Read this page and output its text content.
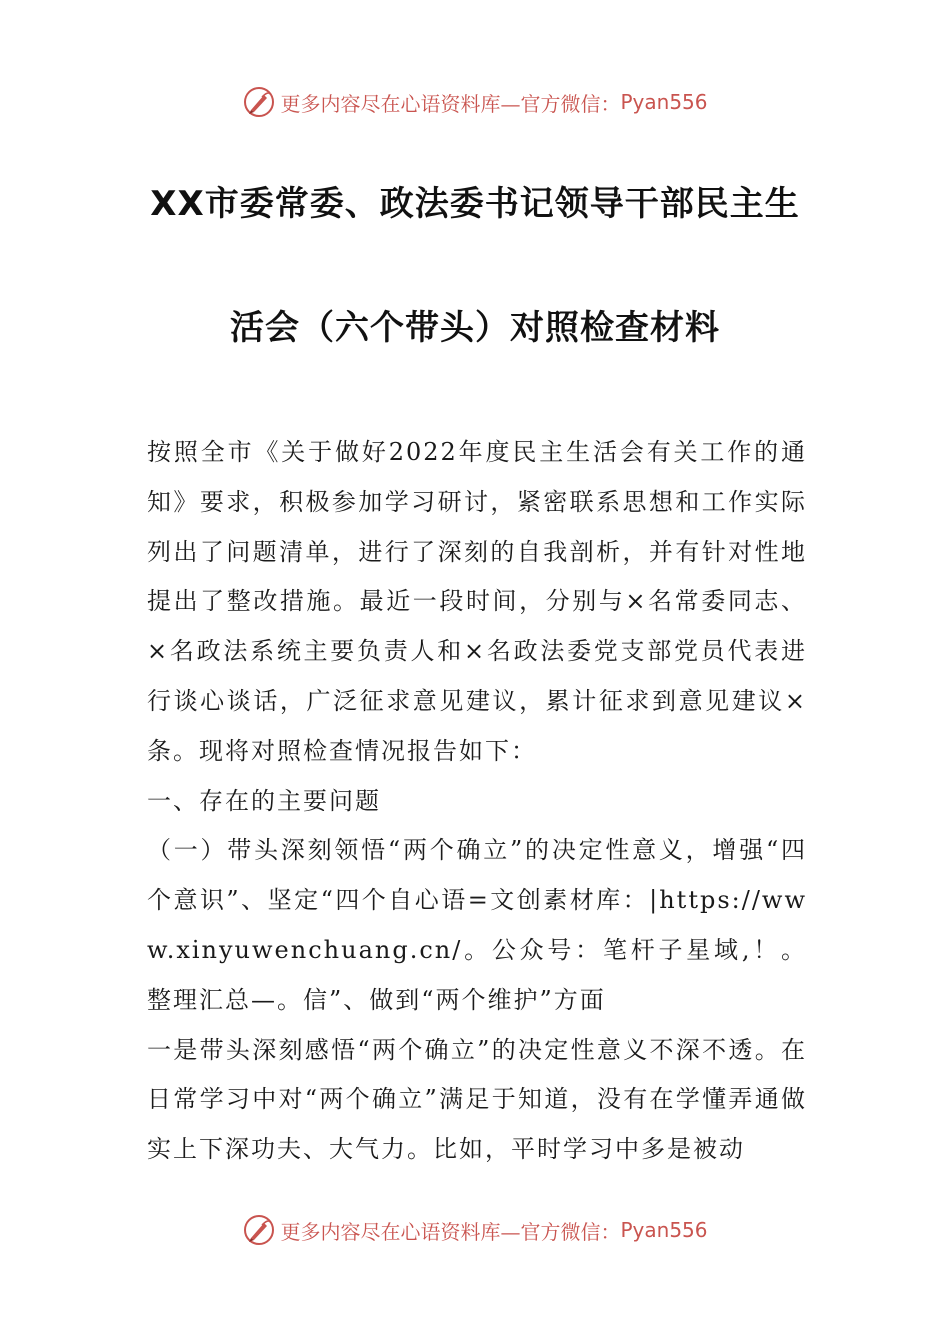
更多内容尽在心语资料库—官方微信： Pyan556
XX市委常委、政法委书记领导干部民主生
活会（六个带头）对照检查材料

按照全市《关于做好2022年度民主生活会有关工作的通知》要求，积极参加学习研讨，紧密联系思想和工作实际列出了问题清单，进行了深刻的自我剖析，并有针对性地提出了整改措施。最近一段时间，分别与×名常委同志、×名政法系统主要负责人和×名政法委党支部党员代表进行谈心谈话，广泛征求意见建议，累计征求到意见建议×条。现将对照检查情况报告如下：

一、存在的主要问题

（一）带头深刻领悟“两个确立”的决定性意义，增强“四个意识”、坚定“四个自心语=文创素材库：|https://www.xinyuwenchuang.cn/。公众号：笔杆子星域,！。整理汇总—。信”、做到“两个维护”方面

一是带头深刻感悟“两个确立”的决定性意义不深不透。在日常学习中对“两个确立”满足于知道，没有在学懂弄通做实上下深功夫、大气力。比如，平时学习中多是被动

更多内容尽在心语资料库—官方微信： Pyan556
